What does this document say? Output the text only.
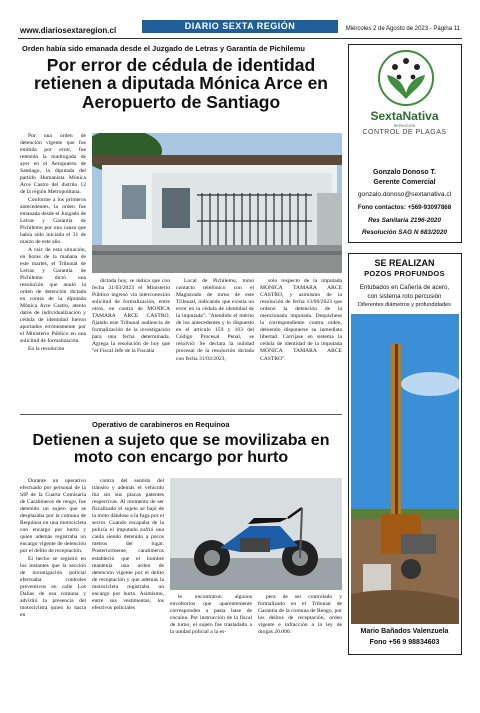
www.diariosextaregion.cl	DIARIO SEXTA REGIÓN	Miércoles 2 de Agosto de 2023 - Página 11
Orden había sido emanada desde el Juzgado de Letras y Garantía de Pichilemu
Por error de cédula de identidad retienen a diputada Mónica Arce en Aeropuerto de Santiago

Por una orden de detención vigente que fue emitida por error, fue retenida la madrugada de ayer en el Aeropuerto de Santiago, la diputada del partido Humanista Mónica Arce Castro del distrito 12 de la región Metropolitana.

Conforme a los primeros antecedentes, la orden fue emanada desde el Juzgado de Letras y Garantía de Pichilemu por una causa que había sido iniciada el 31 de marzo de este año.

A raíz de esta situación, en horas de la mañana de este martes, el Tribunal de Letras y Garantía de Pichilemu dictó una resolución que anuló la orden de detención dictada en contra de la diputada Mónica Arce Castro, atento datos de individualización y cédula de identidad fueron aportados erróneamente por el Ministerio Público en una solicitud de formalización.

En la resolución

dictada hoy, se indica que con fecha 31/03/2023 el Ministerio Público ingresó vía interconexión solicitud de formalización, entre otros, en contra de MONICA TAMARA ARCE CASTRO, fijando este Tribunal audiencia de formalización de la investigación para una fecha determinada. Agrega la resolución de hoy que "el Fiscal Jefe de la Fiscalía

Local de Pichilemu, tomó contacto telefónico con el Magistrado de turno de este Tribunal, indicando que existía un error en la cédula de identidad de la imputada". "Atendido el mérito de los antecedentes y lo dispuesto en el artículo 159 y 163 del Código Procesal Penal, se resolvió: Se declara la nulidad procesal de la resolución dictada con fecha 31/03/2023,

solo respecto de la imputada MONICA TAMARA ARCE CASTRO, y asimismo de la resolución de fecha 13/06/2023 que ordenó la detención de la mencionada imputada. Despáchese la correspondiente contra orden, debiendo disponerse su inmediata libertad. Corríjase en sistema la cédula de identidad de la imputada MONICA TAMARA ARCE CASTRO".

Operativo de carabineros en Requínoa
Detienen a sujeto que se movilizaba en moto con encargo por hurto

Durante un operativo efectuado por personal de la SIP de la Cuarta Comisaría de Carabineros de rengo, fue detenido un sujeto que se desplazaba por la comuna de Requínoa en una motocicleta con encargo por hurto y quien además registraba un encargo vigente de detención por el delito de receptación.

El hecho se registró en los instantes que la sección de investigación policial efectuaba controles preventivos en calle Los Dalias de esa comuna y advirtió la presencia del motociclista quien lo hacía en

contra del sentido del tránsito y además el vehículo iba sin sus placas patentes respectivas. Al momento de ser fiscalizado el sujeto se bajó de la moto dándose a la fuga por el sector. Cuando escapaba de la policía el imputado sufrió una caída siendo detenido a pocos metros del lugar. Posteriormente, carabineros estableció que el hombre mantenía una orden de detención vigente por el delito de receptación y que además la motocicleta registraba un encargo por hurto. Asimismo, entre sus vestimentas, los efectivos policiales

le encontraron algunos envoltorios que aparentemente corresponden a pasta base de cocaína. Por instrucción de la fiscal de turno, el sujeto fue trasladado a la unidad policial a la es-

pera de ser controlado y formalizado en el Tribunal de Garantía de la comuna de Rengo, por los delitos de receptación, orden vigente e infracción a la ley de drogas 20.000.

SextaNativa
SERVICIOS
CONTROL DE PLAGAS
Gonzalo Donoso T.
Gerente Comercial
gonzalo.donoso@sextanativa.cl
Fono contactos: +569-93097868
Res Sanitaria 2196-2020
Resolución SAG N 683/2020
SE REALIZAN
POZOS PROFUNDOS
Entubados en Cañería de acero,
con sistema roto percusión
Diferentes diámetros y profundidades
Mario Bañados Valenzuela
Fono +56 9 98834603
